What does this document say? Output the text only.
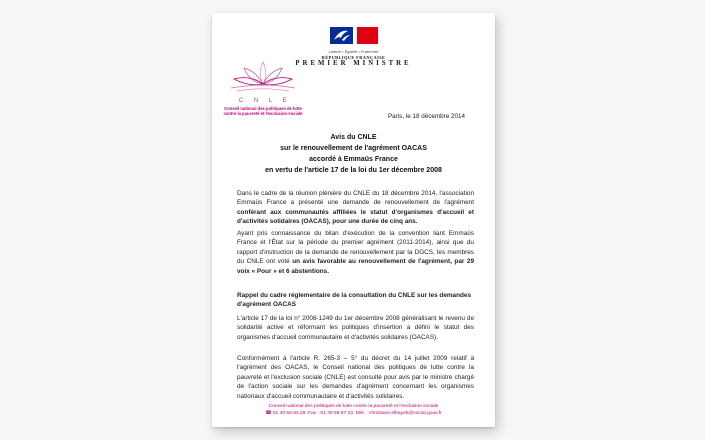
Liberté • Égalité • Fraternité
RÉPUBLIQUE FRANÇAISE
PREMIER MINISTRE
C N L E
Conseil national des politiques de lutte
contre la pauvreté et l'exclusion sociale	Paris, le 18 décembre 2014
Avis du CNLE
sur le renouvellement de l'agrément OACAS
accordé à Emmaüs France
en vertu de l'article 17 de la loi du 1er décembre 2008

Dans le cadre de la réunion plénière du CNLE du 18 décembre 2014, l'association Emmaüs France a présenté une demande de renouvellement de l'agrément conférant aux communautés affiliées le statut d'organismes d'accueil et d'activités solidaires (OACAS), pour une durée de cinq ans.

Ayant pris connaissance du bilan d'exécution de la convention liant Emmaüs France et l'État sur la période du premier agrément (2011-2014), ainsi que du rapport d'instruction de la demande de renouvellement par la DGCS, les membres du CNLE ont voté un avis favorable au renouvellement de l'agrément, par 29 voix « Pour » et 6 abstentions.

Rappel du cadre réglementaire de la consultation du CNLE sur les demandes d'agrément OACAS

L'article 17 de la loi n° 2008-1249 du 1er décembre 2008 généralisant le revenu de solidarité active et réformant les politiques d'insertion a défini le statut des organismes d'accueil communautaire et d'activités solidaires (OACAS).

Conformément à l'article R. 265-3 – 5° du décret du 14 juillet 2009 relatif à l'agrément des OACAS, le Conseil national des politiques de lutte contre la pauvreté et l'exclusion sociale (CNLE) est consulté pour avis par le ministre chargé de l'action sociale sur les demandes d'agrément concernant les organismes nationaux d'accueil communautaire et d'activités solidaires.

Conseil national des politiques de lutte contre la pauvreté et l'exclusion sociale
☎ 01 40 56 83 26. Fax : 01 40 56 87 23. Mél. : christiane.elhayek@social.gouv.fr
